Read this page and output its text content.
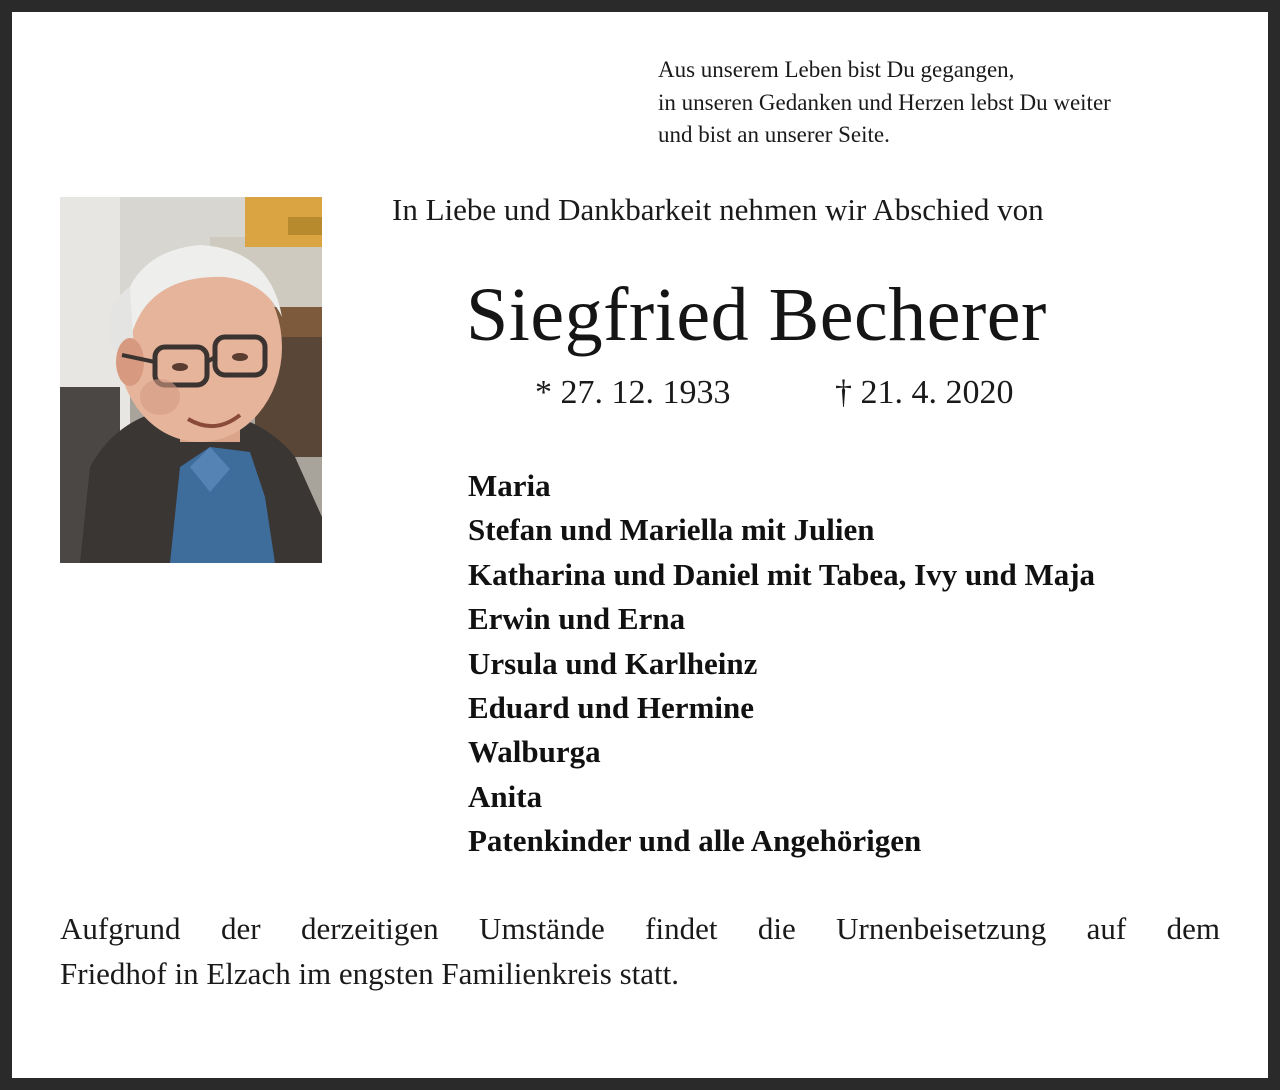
Aus unserem Leben bist Du gegangen,
in unseren Gedanken und Herzen lebst Du weiter
und bist an unserer Seite.
In Liebe und Dankbarkeit nehmen wir Abschied von
Siegfried Becherer
* 27. 12. 1933	† 21. 4. 2020
Maria
Stefan und Mariella mit Julien
Katharina und Daniel mit Tabea, Ivy und Maja
Erwin und Erna
Ursula und Karlheinz
Eduard und Hermine
Walburga
Anita
Patenkinder und alle Angehörigen
Aufgrund der derzeitigen Umstände findet die Urnenbeisetzung auf dem
Friedhof in Elzach im engsten Familienkreis statt.
